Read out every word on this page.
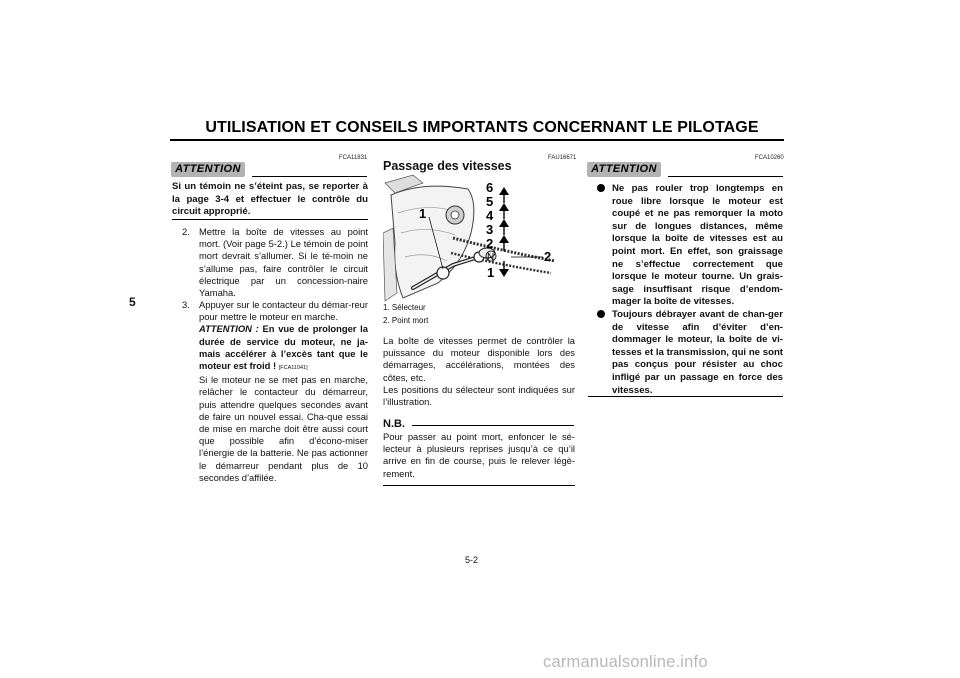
UTILISATION ET CONSEILS IMPORTANTS CONCERNANT LE PILOTAGE
5
FCA11831
ATTENTION
Si un témoin ne s’éteint pas, se reporter à la page 3-4 et effectuer le contrôle du circuit approprié.
2. Mettre la boîte de vitesses au point mort. (Voir page 5-2.) Le témoin de point mort devrait s’allumer. Si le té-moin ne s’allume pas, faire contrôler le circuit électrique par un concession-naire Yamaha.
3. Appuyer sur le contacteur du démar-reur pour mettre le moteur en marche.
ATTENTION : En vue de prolonger la durée de service du moteur, ne ja-mais accélérer à l’excès tant que le moteur est froid ! [FCA11041]
Si le moteur ne se met pas en marche, relâcher le contacteur du démarreur, puis attendre quelques secondes avant de faire un nouvel essai. Cha-que essai de mise en marche doit être aussi court que possible afin d’écono-miser l’énergie de la batterie. Ne pas actionner le démarreur pendant plus de 10 secondes d’affilée.
FAU16671
Passage des vitesses
6
5
4
3
2
N
1
1
2
1. Sélecteur
2. Point mort
La boîte de vitesses permet de contrôler la puissance du moteur disponible lors des démarrages, accélérations, montées des côtes, etc.
Les positions du sélecteur sont indiquées sur l’illustration.
N.B.
Pour passer au point mort, enfoncer le sé-lecteur à plusieurs reprises jusqu’à ce qu’il arrive en fin de course, puis le relever légè-rement.
FCA10260
ATTENTION
Ne pas rouler trop longtemps en roue libre lorsque le moteur est coupé et ne pas remorquer la moto sur de longues distances, même lorsque la boîte de vitesses est au point mort. En effet, son graissage ne s’effectue correctement que lorsque le moteur tourne. Un grais-sage insuffisant risque d’endom-mager la boîte de vitesses.
Toujours débrayer avant de chan-ger de vitesse afin d’éviter d’en-dommager le moteur, la boîte de vi-tesses et la transmission, qui ne sont pas conçus pour résister au choc infligé par un passage en force des vitesses.
5-2
carmanualsonline.info
